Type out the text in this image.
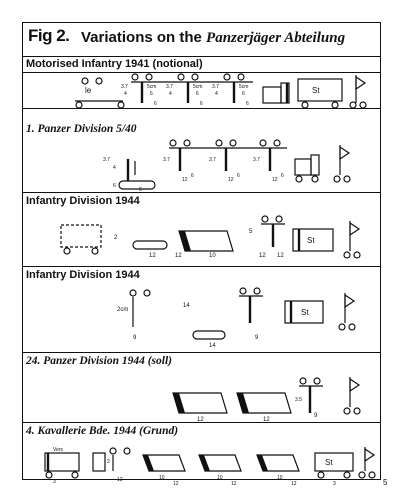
Fig 2. Variations on the Panzerjäger Abteilung
Motorised Infantry 1941 (notional)
le	St
3.7
4
5cm
6
3.7
4
5cm
6
3.7
4
5cm
6
6	6	6
1. Panzer Division 5/40
3.7
4
6
6
3.7
12
6
3.7
12
6
3.7
12
6
Infantry Division 1944
2
12	12	10
5
12 12
St
Infantry Division 1944
2cm
9
14
14
9
St
24. Panzer Division 1944 (soll)
12	12
3.5
9
4. Kavallerie Bde. 1944 (Grund)
Vers
3
2
12	10
12
10
12
10
12	3
St
5
